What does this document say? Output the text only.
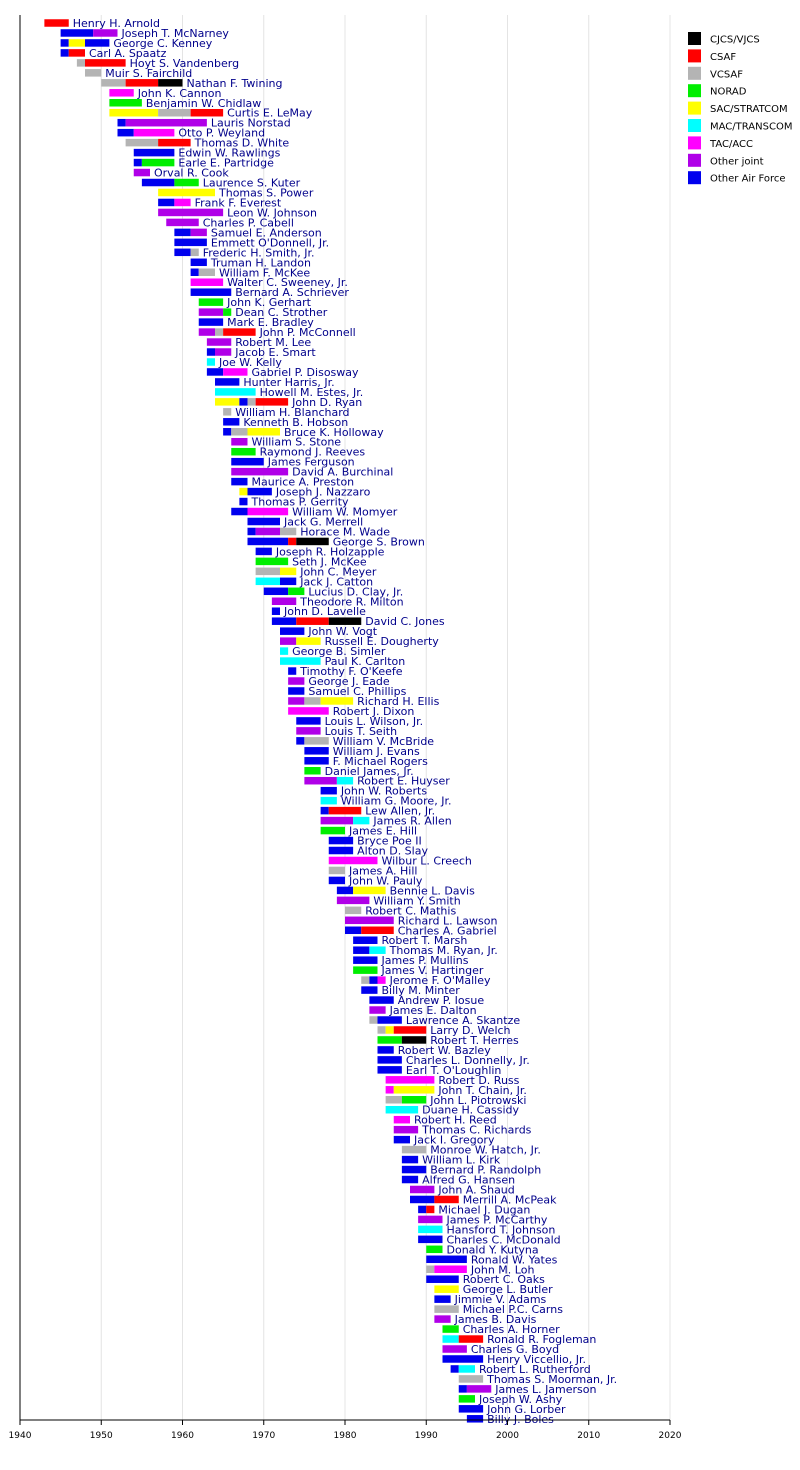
Henry H. Arnold
Joseph T. McNarney
George C. Kenney
Carl A. Spaatz
Hoyt S. Vandenberg
Muir S. Fairchild
Nathan F. Twining
John K. Cannon
Benjamin W. Chidlaw
Curtis E. LeMay
Lauris Norstad
Otto P. Weyland
Thomas D. White
Edwin W. Rawlings
Earle E. Partridge
Orval R. Cook
Laurence S. Kuter
Thomas S. Power
Frank F. Everest
Leon W. Johnson
Charles P. Cabell
Samuel E. Anderson
Emmett O'Donnell, Jr.
Frederic H. Smith, Jr.
Truman H. Landon
William F. McKee
Walter C. Sweeney, Jr.
Bernard A. Schriever
John K. Gerhart
Dean C. Strother
Mark E. Bradley
John P. McConnell
Robert M. Lee
Jacob E. Smart
Joe W. Kelly
Gabriel P. Disosway
Hunter Harris, Jr.
Howell M. Estes, Jr.
John D. Ryan
William H. Blanchard
Kenneth B. Hobson
Bruce K. Holloway
William S. Stone
Raymond J. Reeves
James Ferguson
David A. Burchinal
Maurice A. Preston
Joseph J. Nazzaro
Thomas P. Gerrity
William W. Momyer
Jack G. Merrell
Horace M. Wade
George S. Brown
Joseph R. Holzapple
Seth J. McKee
John C. Meyer
Jack J. Catton
Lucius D. Clay, Jr.
Theodore R. Milton
John D. Lavelle
David C. Jones
John W. Vogt
Russell E. Dougherty
George B. Simler
Paul K. Carlton
Timothy F. O'Keefe
George J. Eade
Samuel C. Phillips
Richard H. Ellis
Robert J. Dixon
Louis L. Wilson, Jr.
Louis T. Seith
William V. McBride
William J. Evans
F. Michael Rogers
Daniel James, Jr.
Robert E. Huyser
John W. Roberts
William G. Moore, Jr.
Lew Allen, Jr.
James R. Allen
James E. Hill
Bryce Poe II
Alton D. Slay
Wilbur L. Creech
James A. Hill
John W. Pauly
Bennie L. Davis
William Y. Smith
Robert C. Mathis
Richard L. Lawson
Charles A. Gabriel
Robert T. Marsh
Thomas M. Ryan, Jr.
James P. Mullins
James V. Hartinger
Jerome F. O'Malley
Billy M. Minter
Andrew P. Iosue
James E. Dalton
Lawrence A. Skantze
Larry D. Welch
Robert T. Herres
Robert W. Bazley
Charles L. Donnelly, Jr.
Earl T. O'Loughlin
Robert D. Russ
John T. Chain, Jr.
John L. Piotrowski
Duane H. Cassidy
Robert H. Reed
Thomas C. Richards
Jack I. Gregory
Monroe W. Hatch, Jr.
William L. Kirk
Bernard P. Randolph
Alfred G. Hansen
John A. Shaud
Merrill A. McPeak
Michael J. Dugan
James P. McCarthy
Hansford T. Johnson
Charles C. McDonald
Donald Y. Kutyna
Ronald W. Yates
John M. Loh
Robert C. Oaks
George L. Butler
Jimmie V. Adams
Michael P.C. Carns
James B. Davis
Charles A. Horner
Ronald R. Fogleman
Charles G. Boyd
Henry Viccellio, Jr.
Robert L. Rutherford
Thomas S. Moorman, Jr.
James L. Jamerson
Joseph W. Ashy
John G. Lorber
Billy J. Boles
1940	1950	1960	1970	1980	1990	2000	2010	2020
CJCS/VJCS
CSAF
VCSAF
NORAD
SAC/STRATCOM
MAC/TRANSCOM
TAC/ACC
Other joint
Other Air Force
